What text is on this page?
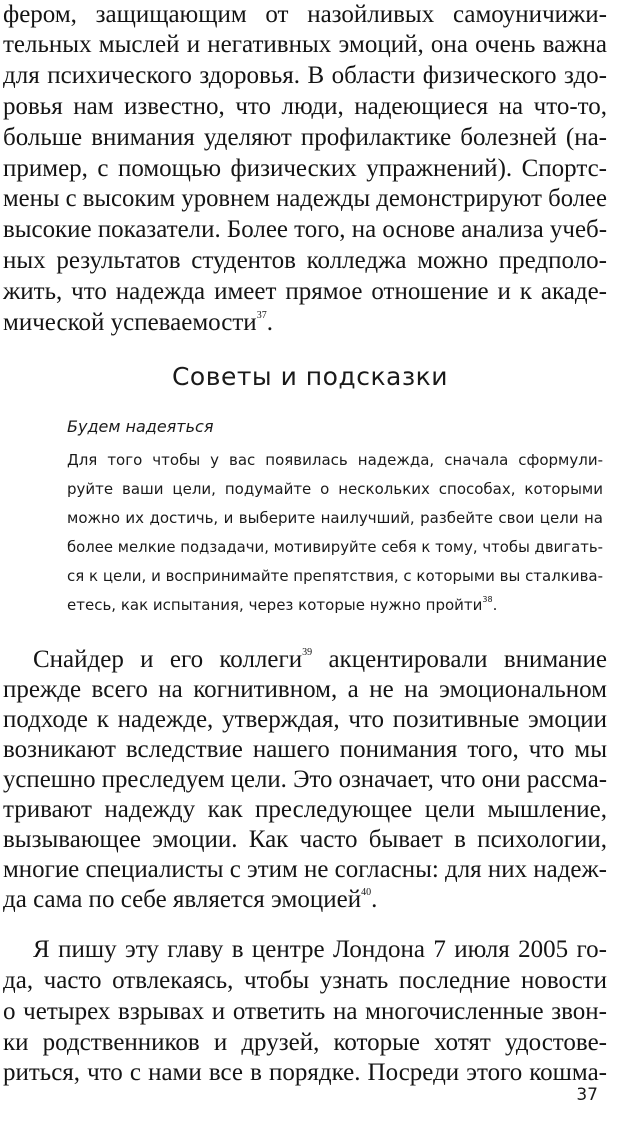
фером, защищающим от назойливых самоуничижи-
тельных мыслей и негативных эмоций, она очень важна
для психического здоровья. В области физического здо-
ровья нам известно, что люди, надеющиеся на что-то,
больше внимания уделяют профилактике болезней (на-
пример, с помощью физических упражнений). Спортс-
мены с высоким уровнем надежды демонстрируют более
высокие показатели. Более того, на основе анализа учеб-
ных результатов студентов колледжа можно предполо-
жить, что надежда имеет прямое отношение и к акаде-
мической успеваемости$^{37}$.
Советы и подсказки
Будем надеяться
Для того чтобы у вас появилась надежда, сначала сформули-
руйте ваши цели, подумайте о нескольких способах, которыми
можно их достичь, и выберите наилучший, разбейте свои цели на
более мелкие подзадачи, мотивируйте себя к тому, чтобы двигать-
ся к цели, и воспринимайте препятствия, с которыми вы сталкива-
етесь, как испытания, через которые нужно пройти$^{38}$.
Снайдер и его коллеги$^{39}$ акцентировали внимание
прежде всего на когнитивном, а не на эмоциональном
подходе к надежде, утверждая, что позитивные эмоции
возникают вследствие нашего понимания того, что мы
успешно преследуем цели. Это означает, что они рассма-
тривают надежду как преследующее цели мышление,
вызывающее эмоции. Как часто бывает в психологии,
многие специалисты с этим не согласны: для них надеж-
да сама по себе является эмоцией$^{40}$.
Я пишу эту главу в центре Лондона 7 июля 2005 го-
да, часто отвлекаясь, чтобы узнать последние новости
о четырех взрывах и ответить на многочисленные звон-
ки родственников и друзей, которые хотят удостове-
риться, что с нами все в порядке. Посреди этого кошма-
37
